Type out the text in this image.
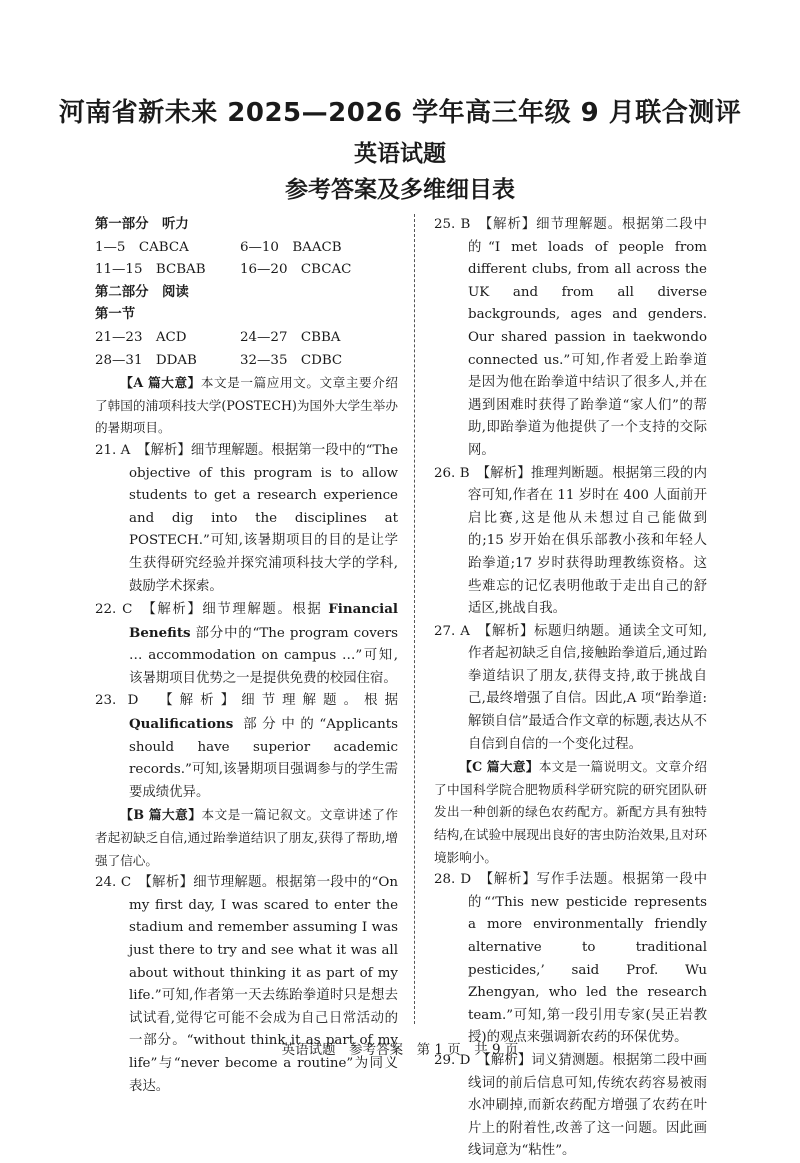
河南省新未来 2025—2026 学年高三年级 9 月联合测评
英语试题
参考答案及多维细目表

第一部分　听力

1—5　CABCA	6—10　BAACB

11—15　BCBAB	16—20　CBCAC

第二部分　阅读

第一节

21—23　ACD	24—27　CBBA

28—31　DDAB	32—35　CDBC

【A 篇大意】本文是一篇应用文。文章主要介绍了韩国的浦项科技大学(POSTECH)为国外大学生举办的暑期项目。

21. A　【解析】细节理解题。根据第一段中的“The objective of this program is to allow students to get a research experience and dig into the disciplines at POSTECH.”可知,该暑期项目的目的是让学生获得研究经验并探究浦项科技大学的学科,鼓励学术探索。

22. C　【解析】细节理解题。根据 Financial Benefits 部分中的“The program covers … accommodation on campus …”可知,该暑期项目优势之一是提供免费的校园住宿。

23. D　【解析】细节理解题。根据 Qualifications 部分中的“Applicants should have superior academic records.”可知,该暑期项目强调参与的学生需要成绩优异。

【B 篇大意】本文是一篇记叙文。文章讲述了作者起初缺乏自信,通过跆拳道结识了朋友,获得了帮助,增强了信心。

24. C　【解析】细节理解题。根据第一段中的“On my first day, I was scared to enter the stadium and remember assuming I was just there to try and see what it was all about without thinking it as part of my life.”可知,作者第一天去练跆拳道时只是想去试试看,觉得它可能不会成为自己日常活动的一部分。“without think it as part of my life”与“never become a routine”为同义表达。

25. B　【解析】细节理解题。根据第二段中的“I met loads of people from different clubs, from all across the UK and from all diverse backgrounds, ages and genders. Our shared passion in taekwondo connected us.”可知,作者爱上跆拳道是因为他在跆拳道中结识了很多人,并在遇到困难时获得了跆拳道“家人们”的帮助,即跆拳道为他提供了一个支持的交际网。

26. B　【解析】推理判断题。根据第三段的内容可知,作者在 11 岁时在 400 人面前开启比赛,这是他从未想过自己能做到的;15 岁开始在俱乐部教小孩和年轻人跆拳道;17 岁时获得助理教练资格。这些难忘的记忆表明他敢于走出自己的舒适区,挑战自我。

27. A　【解析】标题归纳题。通读全文可知,作者起初缺乏自信,接触跆拳道后,通过跆拳道结识了朋友,获得支持,敢于挑战自己,最终增强了自信。因此,A 项“跆拳道:解锁自信”最适合作文章的标题,表达从不自信到自信的一个变化过程。

【C 篇大意】本文是一篇说明文。文章介绍了中国科学院合肥物质科学研究院的研究团队研发出一种创新的绿色农药配方。新配方具有独特结构,在试验中展现出良好的害虫防治效果,且对环境影响小。

28. D　【解析】写作手法题。根据第一段中的“‘This new pesticide represents a more environmentally friendly alternative to traditional pesticides,’ said Prof. Wu Zhengyan, who led the research team.”可知,第一段引用专家(吴正岩教授)的观点来强调新农药的环保优势。

29. D　【解析】词义猜测题。根据第二段中画线词的前后信息可知,传统农药容易被雨水冲刷掉,而新农药配方增强了农药在叶片上的附着性,改善了这一问题。因此画线词意为“粘性”。

英语试题　参考答案　第 1 页　共 9 页
